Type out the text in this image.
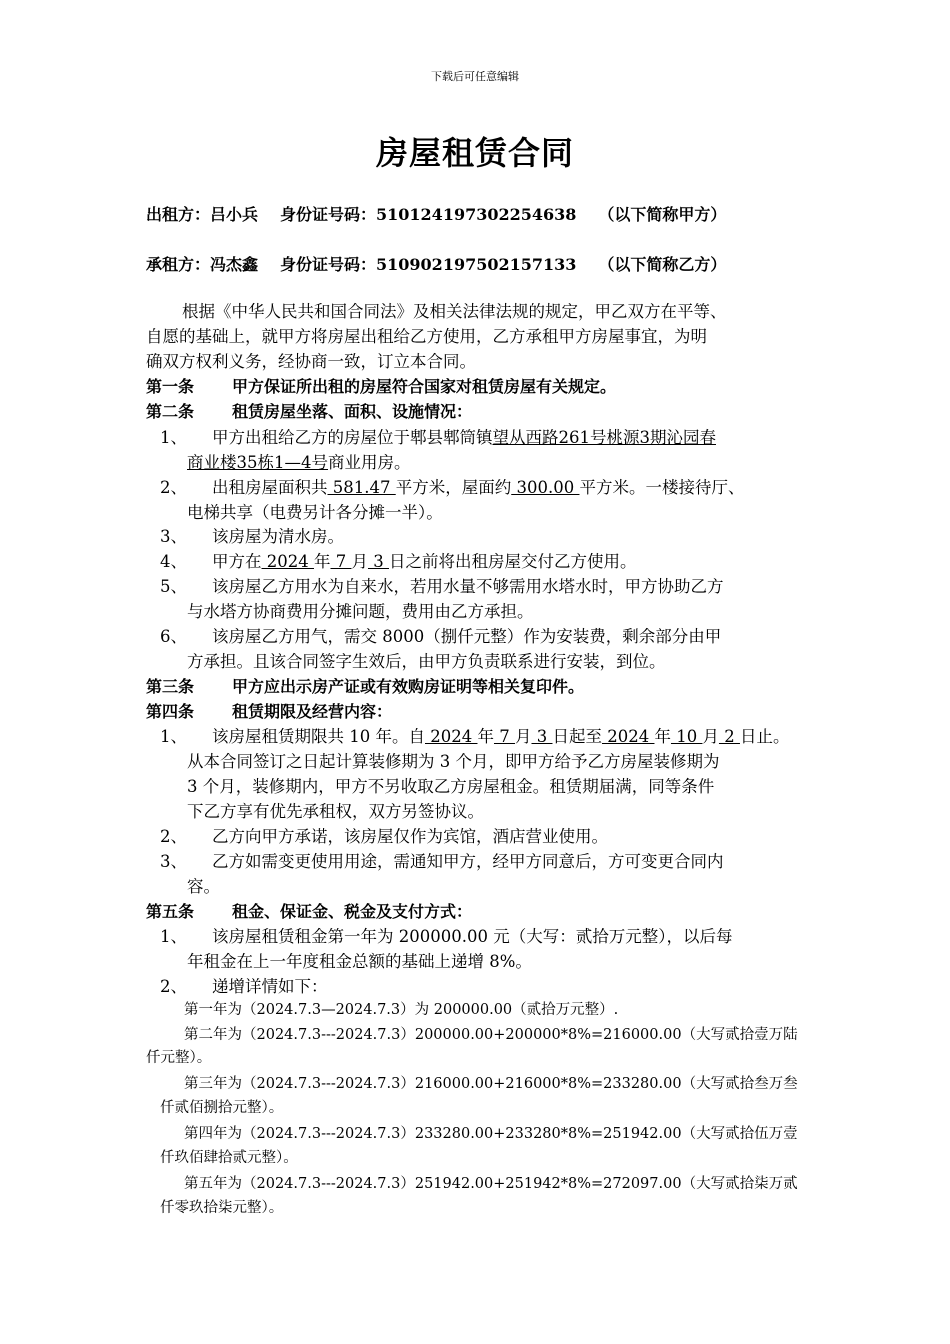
下载后可任意编辑
房屋租赁合同
出租方：吕小兵 身份证号码：510124197302254638 （以下简称甲方）
承租方：冯杰鑫 身份证号码：510902197502157133 （以下简称乙方）
根据《中华人民共和国合同法》及相关法律法规的规定，甲乙双方在平等、
自愿的基础上，就甲方将房屋出租给乙方使用，乙方承租甲方房屋事宜，为明
确双方权利义务，经协商一致，订立本合同。
第一条 甲方保证所出租的房屋符合国家对租赁房屋有关规定。
第二条 租赁房屋坐落、面积、设施情况：
1、 甲方出租给乙方的房屋位于郫县郫筒镇望从西路261号桃源3期沁园春
商业楼35栋1—4号商业用房。
2、 出租房屋面积共 581.47 平方米，屋面约 300.00 平方米。一楼接待厅、
电梯共享（电费另计各分摊一半）。
3、 该房屋为清水房。
4、 甲方在 2024 年 7 月 3 日之前将出租房屋交付乙方使用。
5、 该房屋乙方用水为自来水，若用水量不够需用水塔水时，甲方协助乙方
与水塔方协商费用分摊问题，费用由乙方承担。
6、 该房屋乙方用气，需交 8000（捌仟元整）作为安装费，剩余部分由甲
方承担。且该合同签字生效后，由甲方负责联系进行安装，到位。
第三条 甲方应出示房产证或有效购房证明等相关复印件。
第四条 租赁期限及经营内容：
1、 该房屋租赁期限共 10 年。自 2024 年 7 月 3 日起至 2024 年 10 月 2 日止。
从本合同签订之日起计算装修期为 3 个月，即甲方给予乙方房屋装修期为
3 个月，装修期内，甲方不另收取乙方房屋租金。租赁期届满，同等条件
下乙方享有优先承租权，双方另签协议。
2、 乙方向甲方承诺，该房屋仅作为宾馆，酒店营业使用。
3、 乙方如需变更使用用途，需通知甲方，经甲方同意后，方可变更合同内
容。
第五条 租金、保证金、税金及支付方式：
1、 该房屋租赁租金第一年为 200000.00 元（大写：贰拾万元整），以后每
年租金在上一年度租金总额的基础上递增 8%。
2、 递增详情如下：
第一年为（2024.7.3—2024.7.3）为 200000.00（贰拾万元整）.
第二年为（2024.7.3---2024.7.3）200000.00+200000*8%=216000.00（大写贰拾壹万陆
仟元整）。
第三年为（2024.7.3---2024.7.3）216000.00+216000*8%=233280.00（大写贰拾叁万叁
仟贰佰捌拾元整）。
第四年为（2024.7.3---2024.7.3）233280.00+233280*8%=251942.00（大写贰拾伍万壹
仟玖佰肆拾贰元整）。
第五年为（2024.7.3---2024.7.3）251942.00+251942*8%=272097.00（大写贰拾柒万贰
仟零玖拾柒元整）。
